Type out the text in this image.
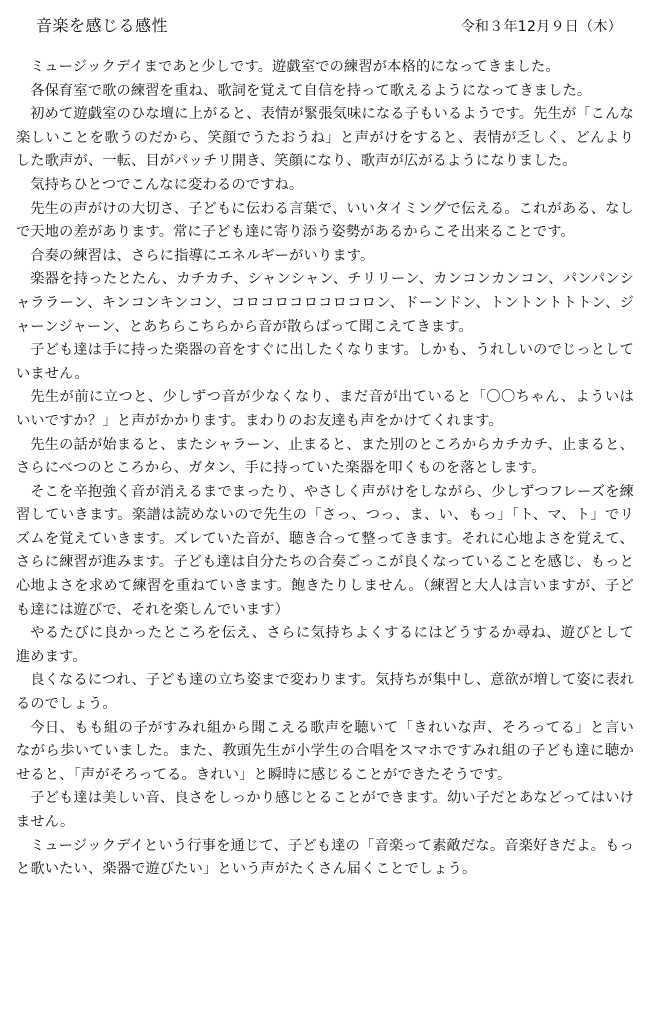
音楽を感じる感性	令和３年12月９日（木）

ミュージックデイまであと少しです。遊戯室での練習が本格的になってきました。

各保育室で歌の練習を重ね、歌詞を覚えて自信を持って歌えるようになってきました。

初めて遊戯室のひな壇に上がると、表情が緊張気味になる子もいるようです。先生が「こんな楽しいことを歌うのだから、笑顔でうたおうね」と声がけをすると、表情が乏しく、どんよりした歌声が、一転、目がパッチリ開き、笑顔になり、歌声が広がるようになりました。

気持ちひとつでこんなに変わるのですね。

先生の声がけの大切さ、子どもに伝わる言葉で、いいタイミングで伝える。これがある、なしで天地の差があります。常に子ども達に寄り添う姿勢があるからこそ出来ることです。

合奏の練習は、さらに指導にエネルギーがいります。

楽器を持ったとたん、カチカチ、シャンシャン、チリリーン、カンコンカンコン、パンパンシャララーン、キンコンキンコン、コロコロコロコロコロン、ドーンドン、トントントトトン、ジャーンジャーン、とあちらこちらから音が散らばって聞こえてきます。

子ども達は手に持った楽器の音をすぐに出したくなります。しかも、うれしいのでじっとしていません。

先生が前に立つと、少しずつ音が少なくなり、まだ音が出ていると「〇〇ちゃん、よういはいいですか？」と声がかかります。まわりのお友達も声をかけてくれます。

先生の話が始まると、またシャラーン、止まると、また別のところからカチカチ、止まると、さらにべつのところから、ガタン、手に持っていた楽器を叩くものを落とします。

そこを辛抱強く音が消えるまでまったり、やさしく声がけをしながら、少しずつフレーズを練習していきます。楽譜は読めないので先生の「さっ、つっ、ま、い、もっ」「ト、マ、ト」でリズムを覚えていきます。ズレていた音が、聴き合って整ってきます。それに心地よさを覚えて、さらに練習が進みます。子ども達は自分たちの合奏ごっこが良くなっていることを感じ、もっと心地よさを求めて練習を重ねていきます。飽きたりしません。（練習と大人は言いますが、子ども達には遊びで、それを楽しんでいます）

やるたびに良かったところを伝え、さらに気持ちよくするにはどうするか尋ね、遊びとして進めます。

良くなるにつれ、子ども達の立ち姿まで変わります。気持ちが集中し、意欲が増して姿に表れるのでしょう。

今日、もも組の子がすみれ組から聞こえる歌声を聴いて「きれいな声、そろってる」と言いながら歩いていました。また、教頭先生が小学生の合唱をスマホですみれ組の子ども達に聴かせると、「声がそろってる。きれい」と瞬時に感じることができたそうです。

子ども達は美しい音、良さをしっかり感じとることができます。幼い子だとあなどってはいけません。

ミュージックデイという行事を通じて、子ども達の「音楽って素敵だな。音楽好きだよ。もっと歌いたい、楽器で遊びたい」という声がたくさん届くことでしょう。
